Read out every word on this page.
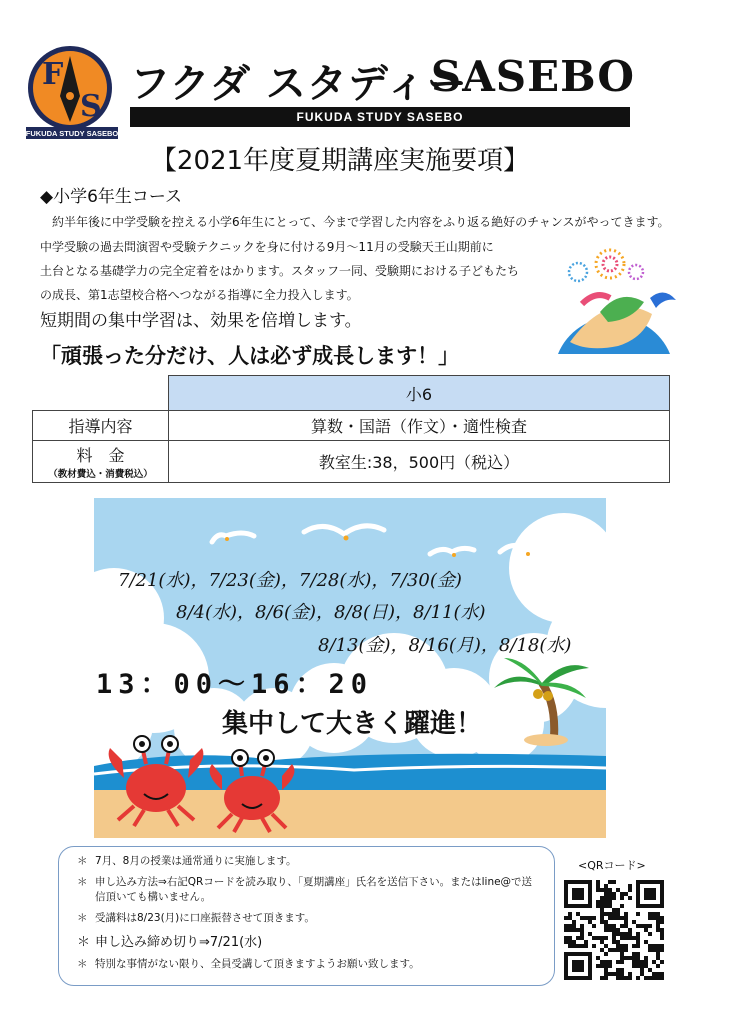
F
S
FUKUDA STUDY SASEBO
フクダ スタディー
SASEBO
FUKUDA STUDY SASEBO
【2021年度夏期講座実施要項】
◆小学6年生コース
約半年後に中学受験を控える小学6年生にとって、今まで学習した内容をふり返る絶好のチャンスがやってきます。
中学受験の過去問演習や受験テクニックを身に付ける9月～11月の受験天王山期前に
土台となる基礎学力の完全定着をはかります。スタッフ一同、受験期における子どもたち
の成長、第1志望校合格へつながる指導に全力投入します。
短期間の集中学習は、効果を倍増します。
「頑張った分だけ、人は必ず成長します！」
	小6
指導内容	算数・国語（作文）・適性検査

料　金
（教材費込・消費税込）	教室生:38，500円（税込）
7/21(水)，7/23(金)，7/28(水)，7/30(金)
8/4(水)，8/6(金)，8/8(日)，8/11(水)
8/13(金)，8/16(月)，8/18(水)
13：00～16：20
集中して大きく躍進！
＊ 7月、8月の授業は通常通りに実施します。
＊ 申し込み方法⇒右記QRコードを読み取り、「夏期講座」氏名を送信下さい。またはline@で送信頂いても構いません。
＊ 受講料は8/23(月)に口座振替させて頂きます。
＊ 申し込み締め切り⇒7/21(水)
＊ 特別な事情がない限り、全員受講して頂きますようお願い致します。
<QRコード>
